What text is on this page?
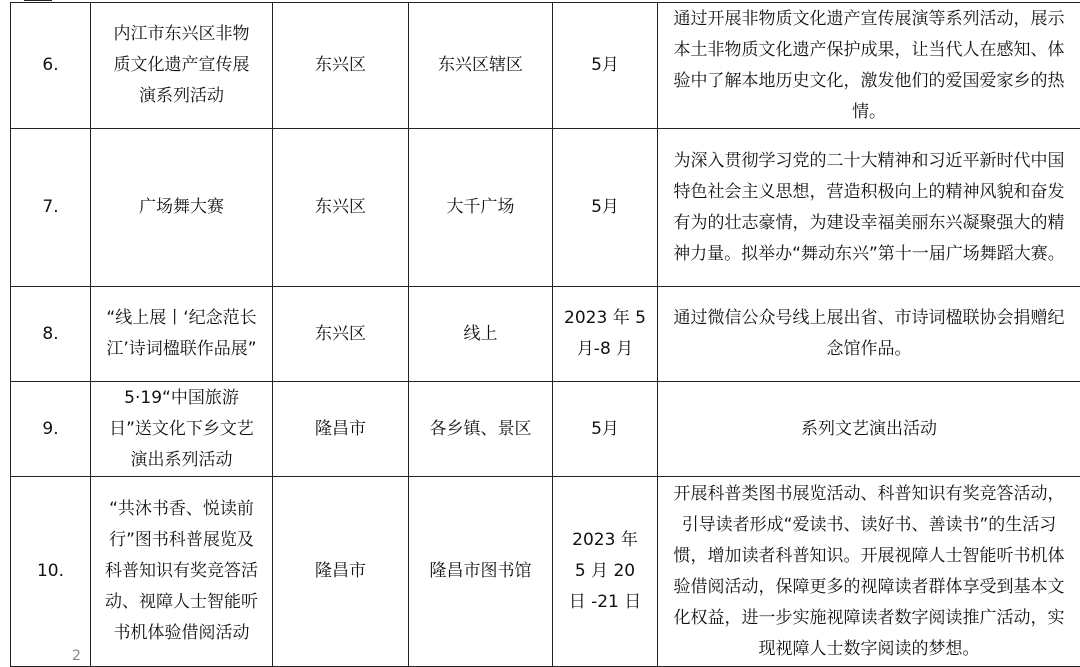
6.	内江市东兴区非物质文化遗产宣传展演系列活动	东兴区	东兴区辖区	5月	通过开展非物质文化遗产宣传展演等系列活动，展示本土非物质文化遗产保护成果，让当代人在感知、体验中了解本地历史文化，激发他们的爱国爱家乡的热情。
7.	广场舞大赛	东兴区	大千广场	5月	为深入贯彻学习党的二十大精神和习近平新时代中国特色社会主义思想，营造积极向上的精神风貌和奋发有为的壮志豪情，为建设幸福美丽东兴凝聚强大的精神力量。拟举办“舞动东兴”第十一届广场舞蹈大赛。
8.	“线上展丨‘纪念范长江’诗词楹联作品展”	东兴区	线上	2023 年 5 月-8 月	通过微信公众号线上展出省、市诗词楹联协会捐赠纪念馆作品。
9.	5·19“中国旅游日”送文化下乡文艺演出系列活动	隆昌市	各乡镇、景区	5月	系列文艺演出活动
10.	“共沐书香、悦读前行”图书科普展览及科普知识有奖竞答活动、视障人士智能听书机体验借阅活动	隆昌市	隆昌市图书馆	2023 年 5 月 20 日 -21 日	开展科普类图书展览活动、科普知识有奖竞答活动，引导读者形成“爱读书、读好书、善读书”的生活习惯，增加读者科普知识。开展视障人士智能听书机体验借阅活动，保障更多的视障读者群体享受到基本文化权益，进一步实施视障读者数字阅读推广活动，实现视障人士数字阅读的梦想。
2
